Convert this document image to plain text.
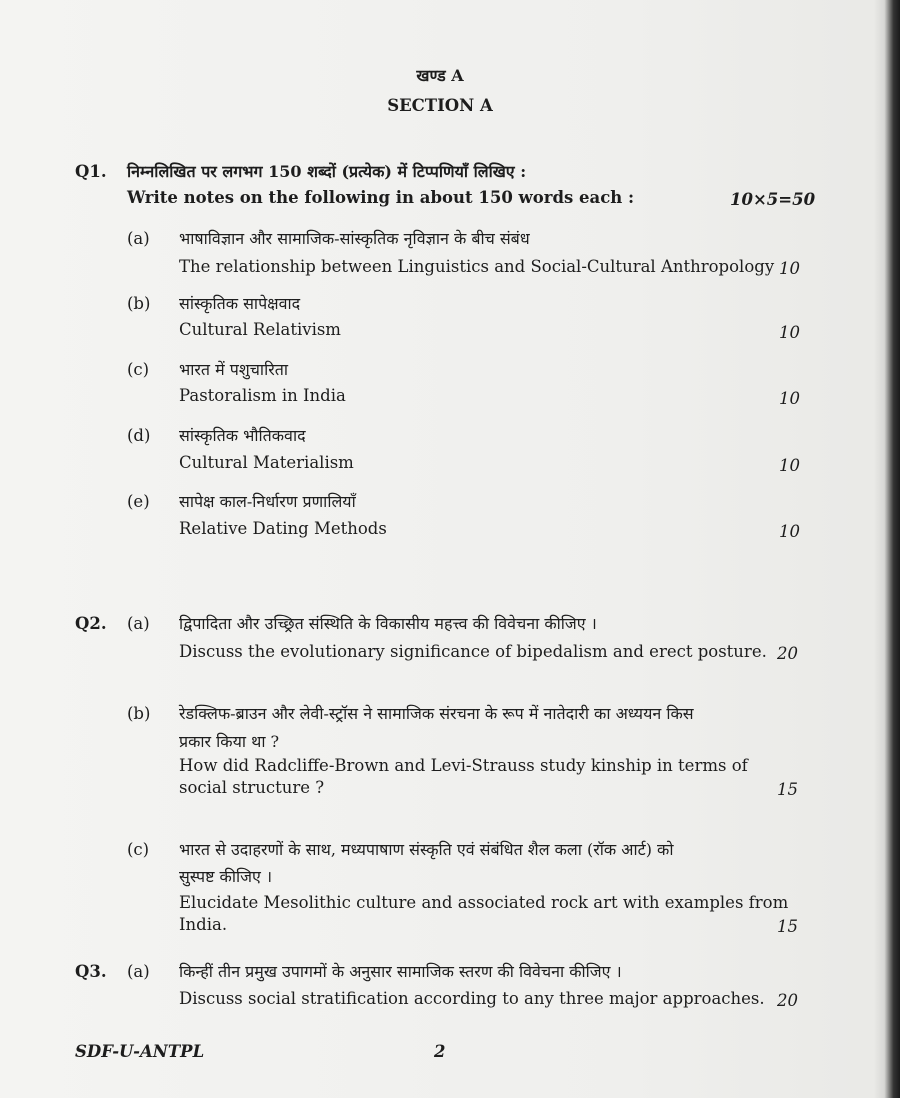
खण्ड A
SECTION A
Q1. निम्नलिखित पर लगभग 150 शब्दों (प्रत्येक) में टिप्पणियाँ लिखिए :
Write notes on the following in about 150 words each :	10×5=50
(a) भाषाविज्ञान और सामाजिक-सांस्कृतिक नृविज्ञान के बीच संबंध
The relationship between Linguistics and Social-Cultural Anthropology 10
(b) सांस्कृतिक सापेक्षवाद
Cultural Relativism	10
(c) भारत में पशुचारिता
Pastoralism in India	10
(d) सांस्कृतिक भौतिकवाद
Cultural Materialism	10
(e) सापेक्ष काल-निर्धारण प्रणालियाँ
Relative Dating Methods	10
Q2. (a) द्विपादिता और उच्छ्रित संस्थिति के विकासीय महत्त्व की विवेचना कीजिए ।
Discuss the evolutionary significance of bipedalism and erect posture. 20
(b) रेडक्लिफ-ब्राउन और लेवी-स्ट्रॉस ने सामाजिक संरचना के रूप में नातेदारी का अध्ययन किस
प्रकार किया था ?
How did Radcliffe-Brown and Levi-Strauss study kinship in terms of
social structure ?	15
(c) भारत से उदाहरणों के साथ, मध्यपाषाण संस्कृति एवं संबंधित शैल कला (रॉक आर्ट) को
सुस्पष्ट कीजिए ।
Elucidate Mesolithic culture and associated rock art with examples from
India.	15
Q3. (a) किन्हीं तीन प्रमुख उपागमों के अनुसार सामाजिक स्तरण की विवेचना कीजिए ।
Discuss social stratification according to any three major approaches. 20
SDF-U-ANTPL	2
